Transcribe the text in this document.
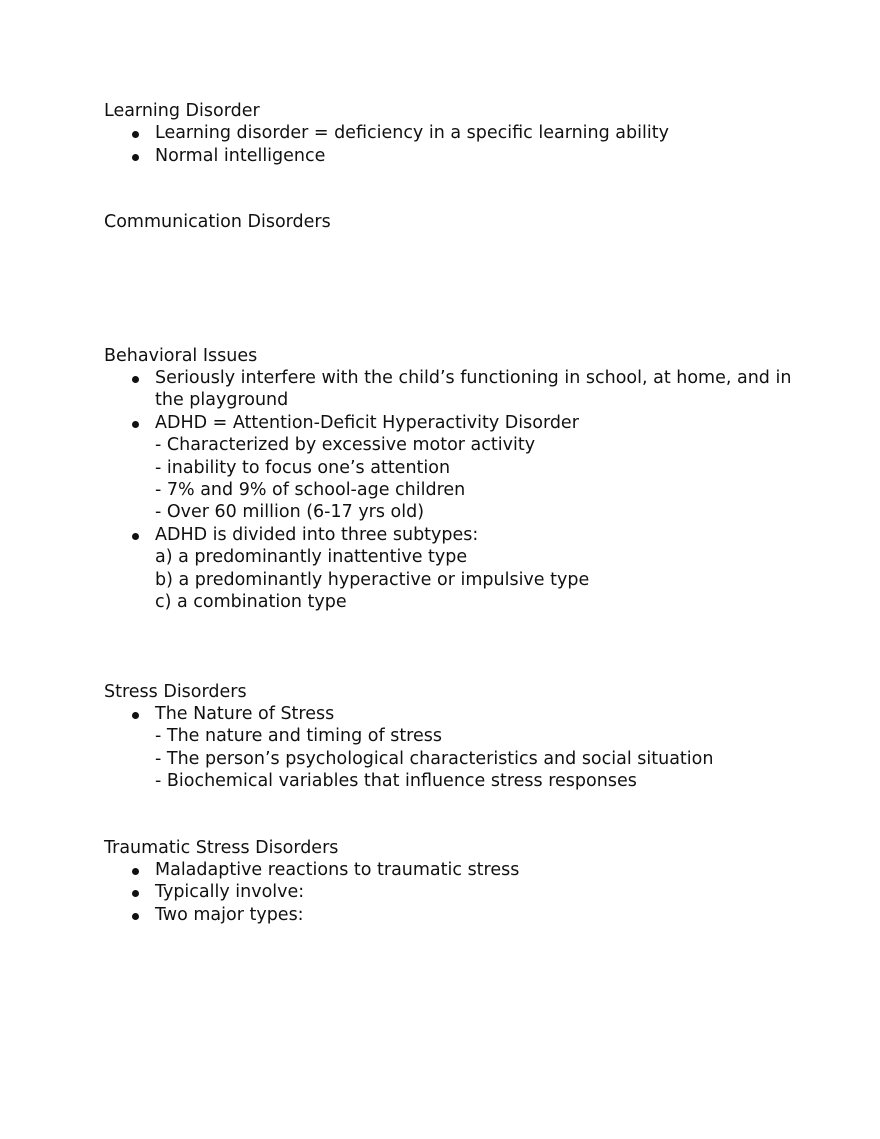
Learning Disorder

Learning disorder = deficiency in a specific learning ability
Normal intelligence

Communication Disorders

Behavioral Issues

Seriously interfere with the child’s functioning in school, at home, and in the playground
ADHD = Attention-Deficit Hyperactivity Disorder
- Characterized by excessive motor activity
- inability to focus one’s attention
- 7% and 9% of school-age children
- Over 60 million (6-17 yrs old)
ADHD is divided into three subtypes:
a) a predominantly inattentive type
b) a predominantly hyperactive or impulsive type
c) a combination type

Stress Disorders

The Nature of Stress
- The nature and timing of stress
- The person’s psychological characteristics and social situation
- Biochemical variables that influence stress responses

Traumatic Stress Disorders

Maladaptive reactions to traumatic stress
Typically involve:
Two major types:
